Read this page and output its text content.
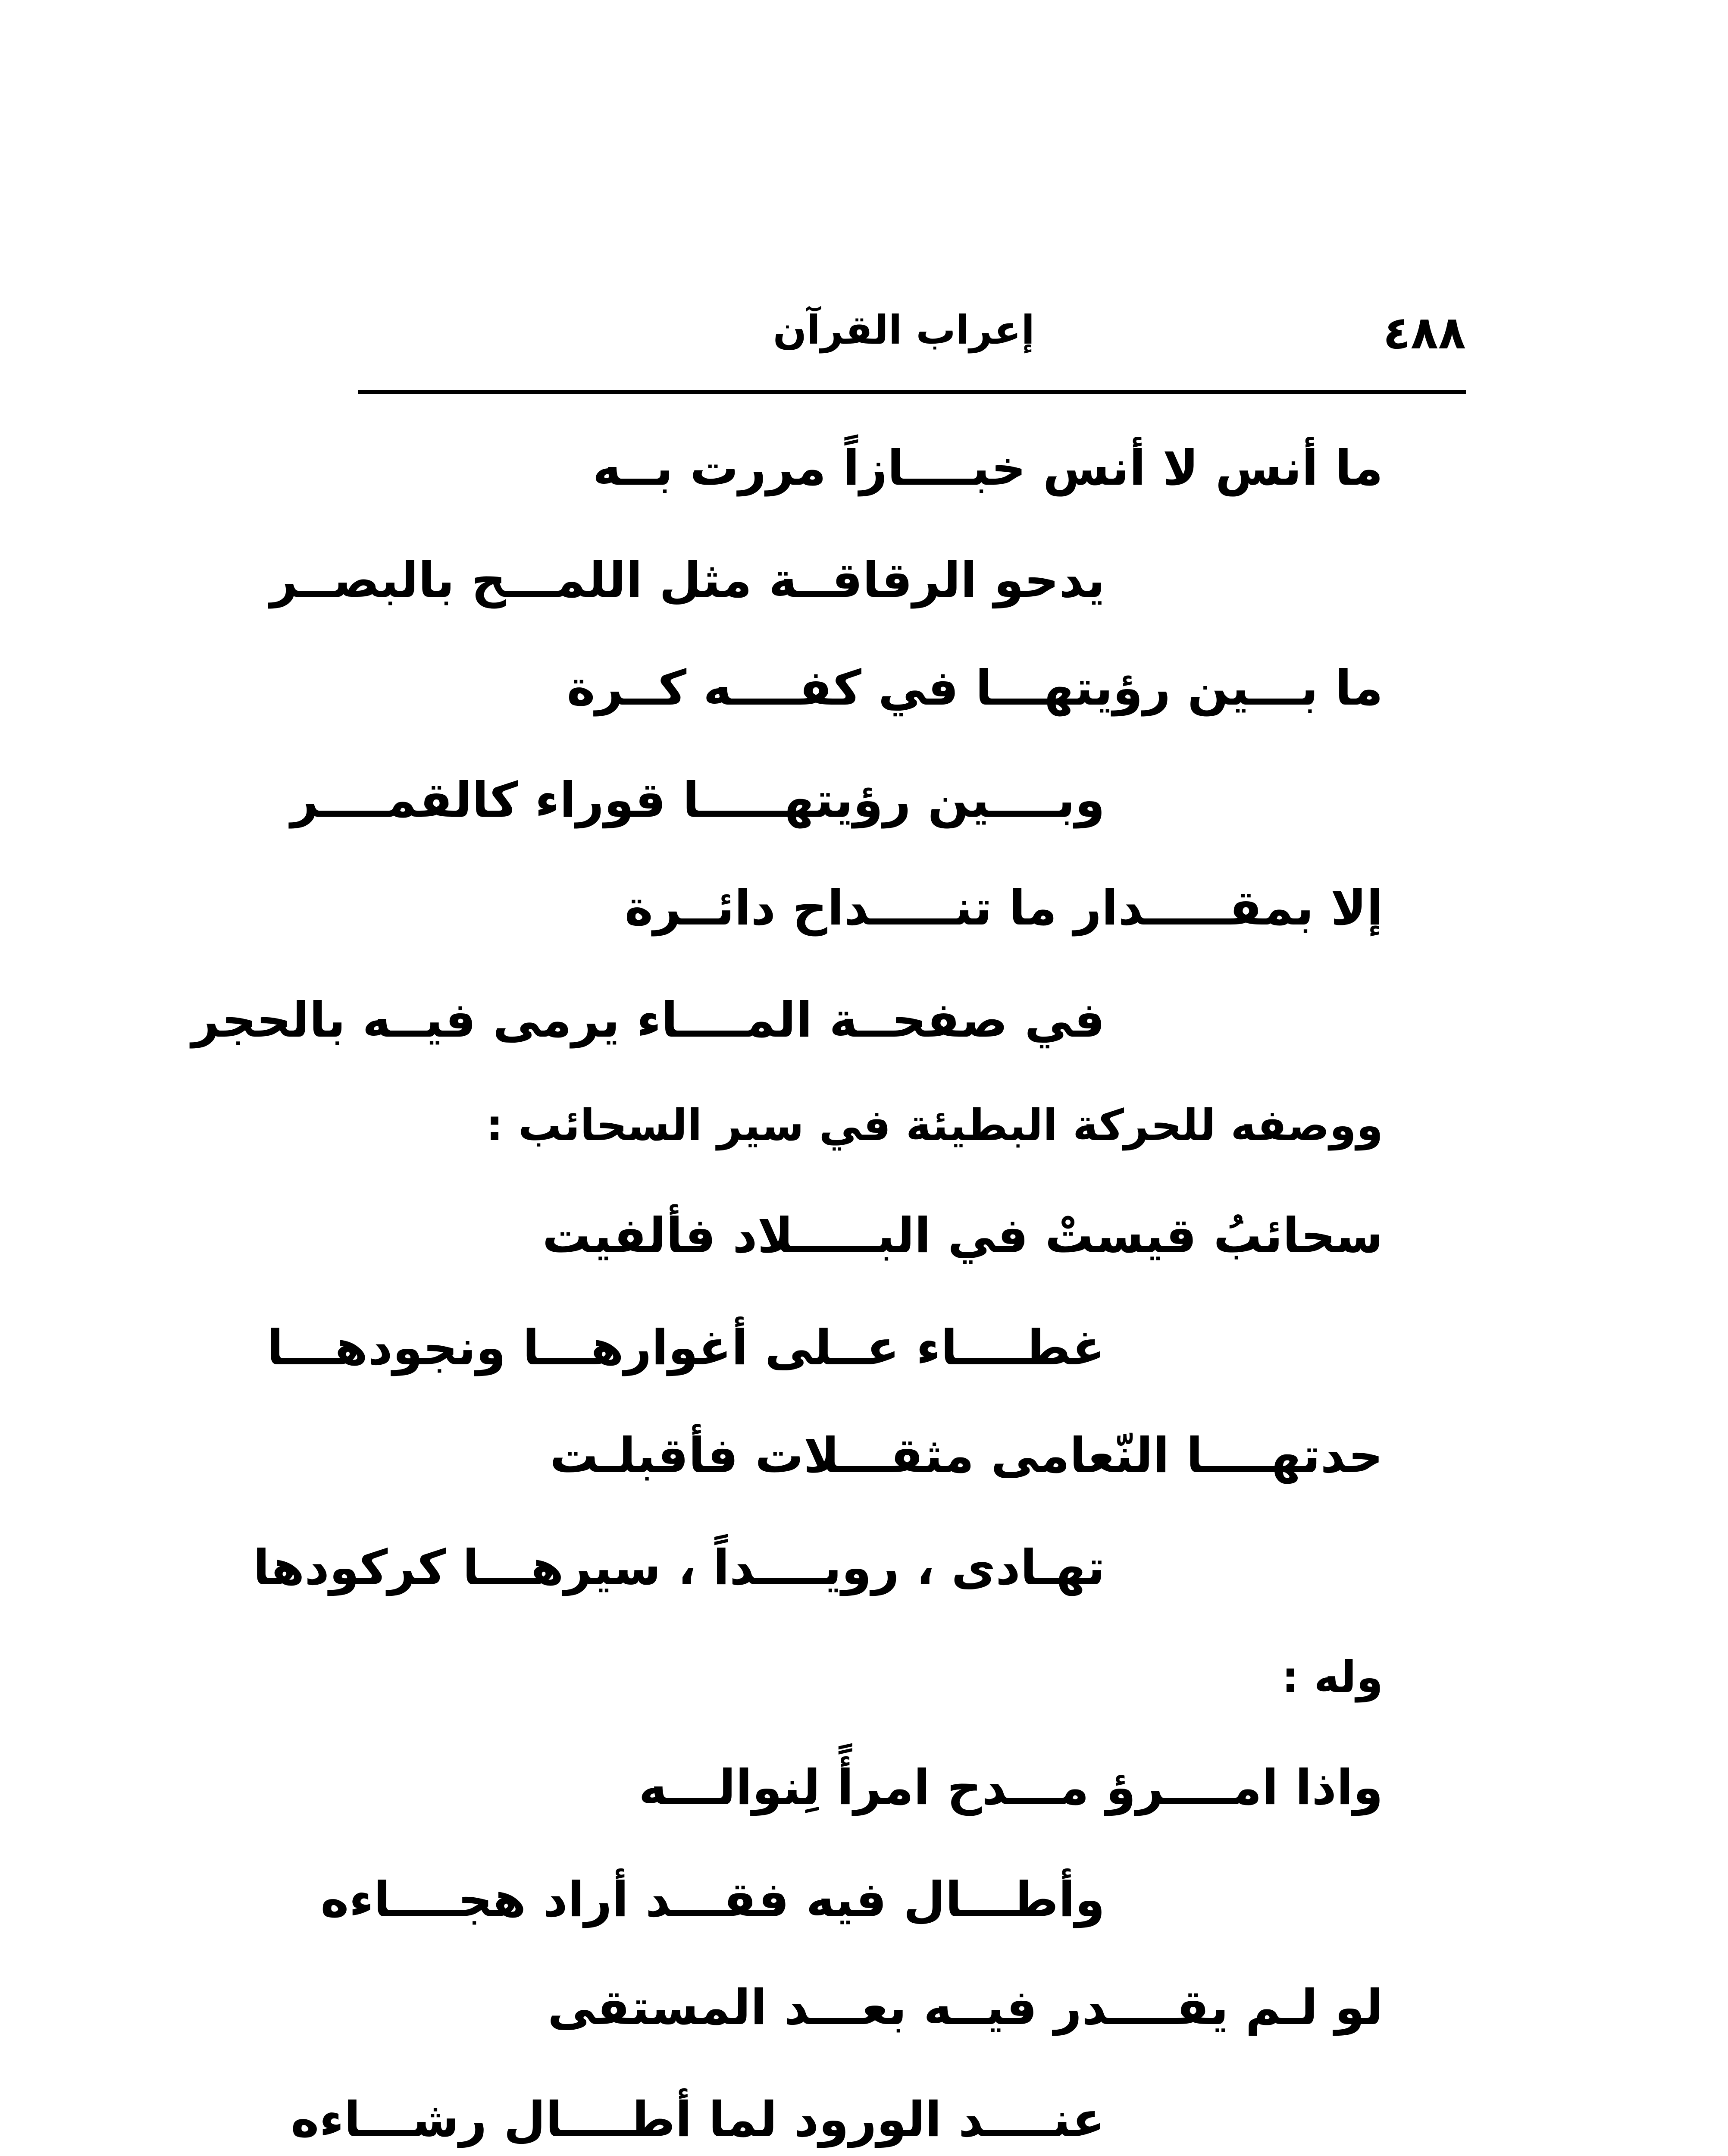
٤٨٨
إعراب القرآن
ما أنس لا أنس خبــــازاً مررت بــه
يدحو الرقاقــة مثل اللمـــح بالبصــر
ما بـــين رؤيتهـــا في كفــــه كــرة
وبــــين رؤيتهـــــا قوراء كالقمــــر
إلا بمقـــــدار ما تنـــــداح دائــرة
في صفحــة المــــاء يرمى فيــه بالحجر
ووصفه للحركة البطيئة في سير السحائب :
سحائبُ قيستْ في البـــــلاد فألفيت
غطــــاء عــلى أغوارهـــا ونجودهـــا
حدتهــــا النّعامى مثقـــلات فأقبلـت
تهـادى ، رويــــداً ، سيرهـــا كركودها
وله :
واذا امــــرؤ مـــدح امرأً لِنوالـــه
وأطـــال فيه فقـــد أراد هجــــاءه
لو لـم يقــــدر فيــه بعـــد المستقى
عنــــد الورود لما أطــــال رشـــاءه
